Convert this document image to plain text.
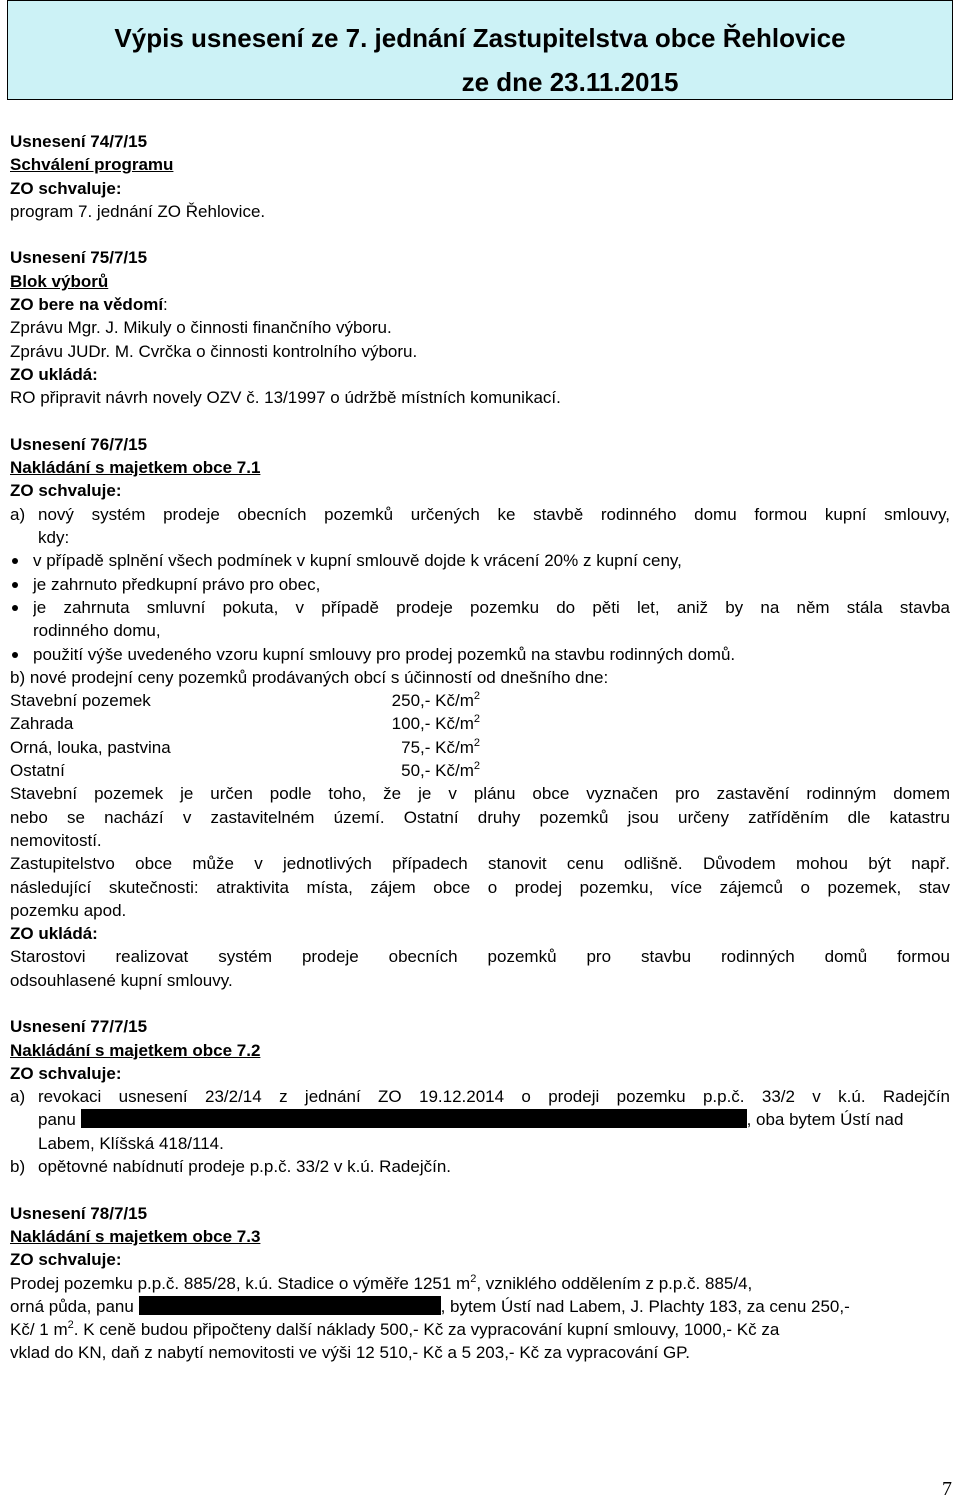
Výpis usnesení ze 7. jednání Zastupitelstva obce Řehlovice
ze dne 23.11.2015
Usnesení 74/7/15
Schválení programu
ZO schvaluje:
program 7. jednání ZO Řehlovice.
Usnesení 75/7/15
Blok výborů
ZO bere na vědomí:
Zprávu Mgr. J. Mikuly o činnosti finančního výboru.
Zprávu JUDr. M. Cvrčka o činnosti kontrolního výboru.
ZO ukládá:
RO připravit návrh novely OZV č. 13/1997 o údržbě místních komunikací.
Usnesení 76/7/15
Nakládání s majetkem obce 7.1
ZO schvaluje:
a) nový systém prodeje obecních pozemků určených ke stavbě rodinného domu formou kupní smlouvy,
kdy:
v případě splnění všech podmínek v kupní smlouvě dojde k vrácení 20% z kupní ceny,
je zahrnuto předkupní právo pro obec,
je zahrnuta smluvní pokuta, v případě prodeje pozemku do pěti let, aniž by na něm stála stavba
rodinného domu,
použití výše uvedeného vzoru kupní smlouvy pro prodej pozemků na stavbu rodinných domů.
b) nové prodejní ceny pozemků prodávaných obcí s účinností od dnešního dne:
Stavební pozemek	250,- $Kč/m^2$
Zahrada	100,- $Kč/m^2$
Orná, louka, pastvina	75,- $Kč/m^2$
Ostatní	50,- $Kč/m^2$
Stavební pozemek je určen podle toho, že je v plánu obce vyznačen pro zastavění rodinným domem
nebo se nachází v zastavitelném území. Ostatní druhy pozemků jsou určeny zatříděním dle katastru
nemovitostí.
Zastupitelstvo obce může v jednotlivých případech stanovit cenu odlišně. Důvodem mohou být např.
následující skutečnosti: atraktivita místa, zájem obce o prodej pozemku, více zájemců o pozemek, stav
pozemku apod.
ZO ukládá:
Starostovi realizovat systém prodeje obecních pozemků pro stavbu rodinných domů formou
odsouhlasené kupní smlouvy.
Usnesení 77/7/15
Nakládání s majetkem obce 7.2
ZO schvaluje:
a) revokaci usnesení 23/2/14 z jednání ZO 19.12.2014 o prodeji pozemku p.p.č. 33/2 v k.ú. Radejčín
panu	, oba bytem Ústí nad
Labem, Klíšská 418/114.
b) opětovné nabídnutí prodeje p.p.č. 33/2 v k.ú. Radejčín.
Usnesení 78/7/15
Nakládání s majetkem obce 7.3
ZO schvaluje:
Prodej pozemku p.p.č. 885/28, k.ú. Stadice o výměře 1251 $m^2$, vzniklého oddělením z p.p.č. 885/4,
orná půda, panu	, bytem Ústí nad Labem, J. Plachty 183, za cenu 250,-
Kč/ 1 $m^2$. K ceně budou připočteny další náklady 500,- Kč za vypracování kupní smlouvy, 1000,- Kč za
vklad do KN, daň z nabytí nemovitosti ve výši 12 510,- Kč a 5 203,- Kč za vypracování GP.
7
